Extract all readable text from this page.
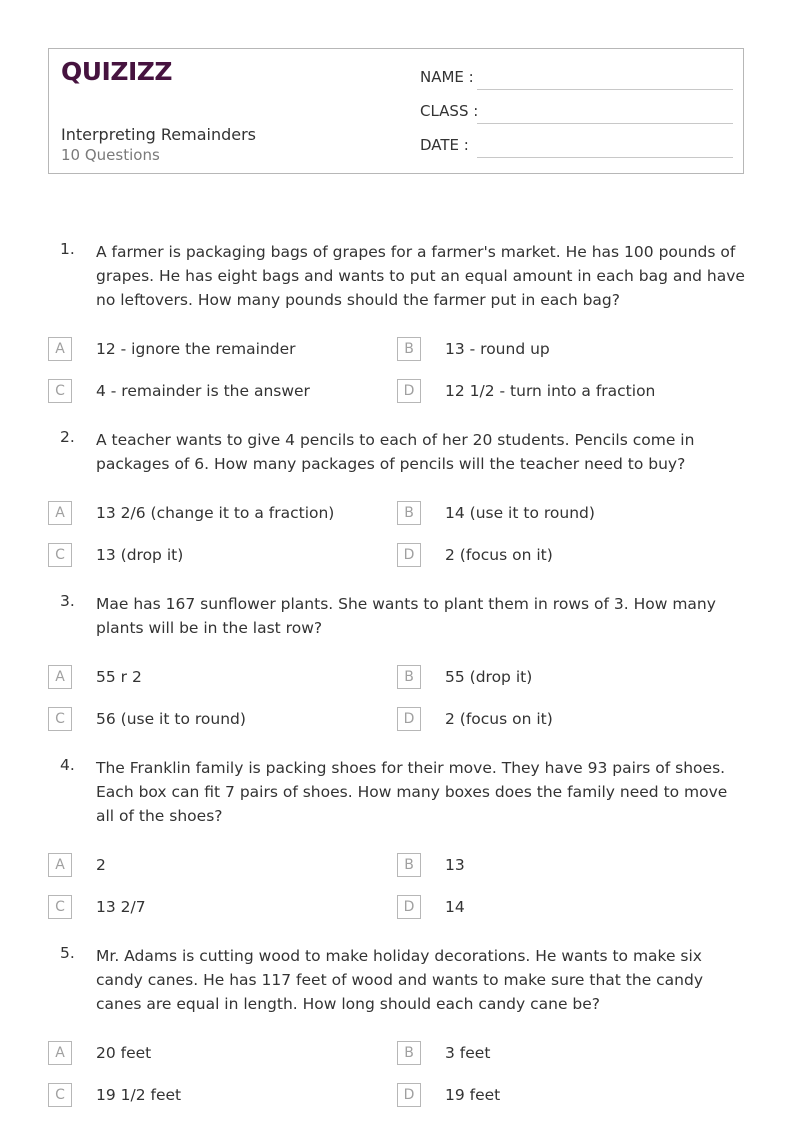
QUIZIZZ
Interpreting Remainders
10 Questions
NAME :
CLASS :
DATE :
1. A farmer is packaging bags of grapes for a farmer's market. He has 100 pounds of grapes. He has eight bags and wants to put an equal amount in each bag and have no leftovers. How many pounds should the farmer put in each bag?
A	12 - ignore the remainder	B	13 - round up
C	4 - remainder is the answer	D	12 1/2 - turn into a fraction
2. A teacher wants to give 4 pencils to each of her 20 students. Pencils come in packages of 6. How many packages of pencils will the teacher need to buy?
A	13 2/6 (change it to a fraction)	B	14 (use it to round)
C	13 (drop it)	D	2 (focus on it)
3. Mae has 167 sunflower plants. She wants to plant them in rows of 3. How many plants will be in the last row?
A	55 r 2	B	55 (drop it)
C	56 (use it to round)	D	2 (focus on it)
4. The Franklin family is packing shoes for their move. They have 93 pairs of shoes. Each box can fit 7 pairs of shoes. How many boxes does the family need to move all of the shoes?
A	2	B	13
C	13 2/7	D	14
5. Mr. Adams is cutting wood to make holiday decorations. He wants to make six candy canes. He has 117 feet of wood and wants to make sure that the candy canes are equal in length. How long should each candy cane be?
A	20 feet	B	3 feet
C	19 1/2 feet	D	19 feet
